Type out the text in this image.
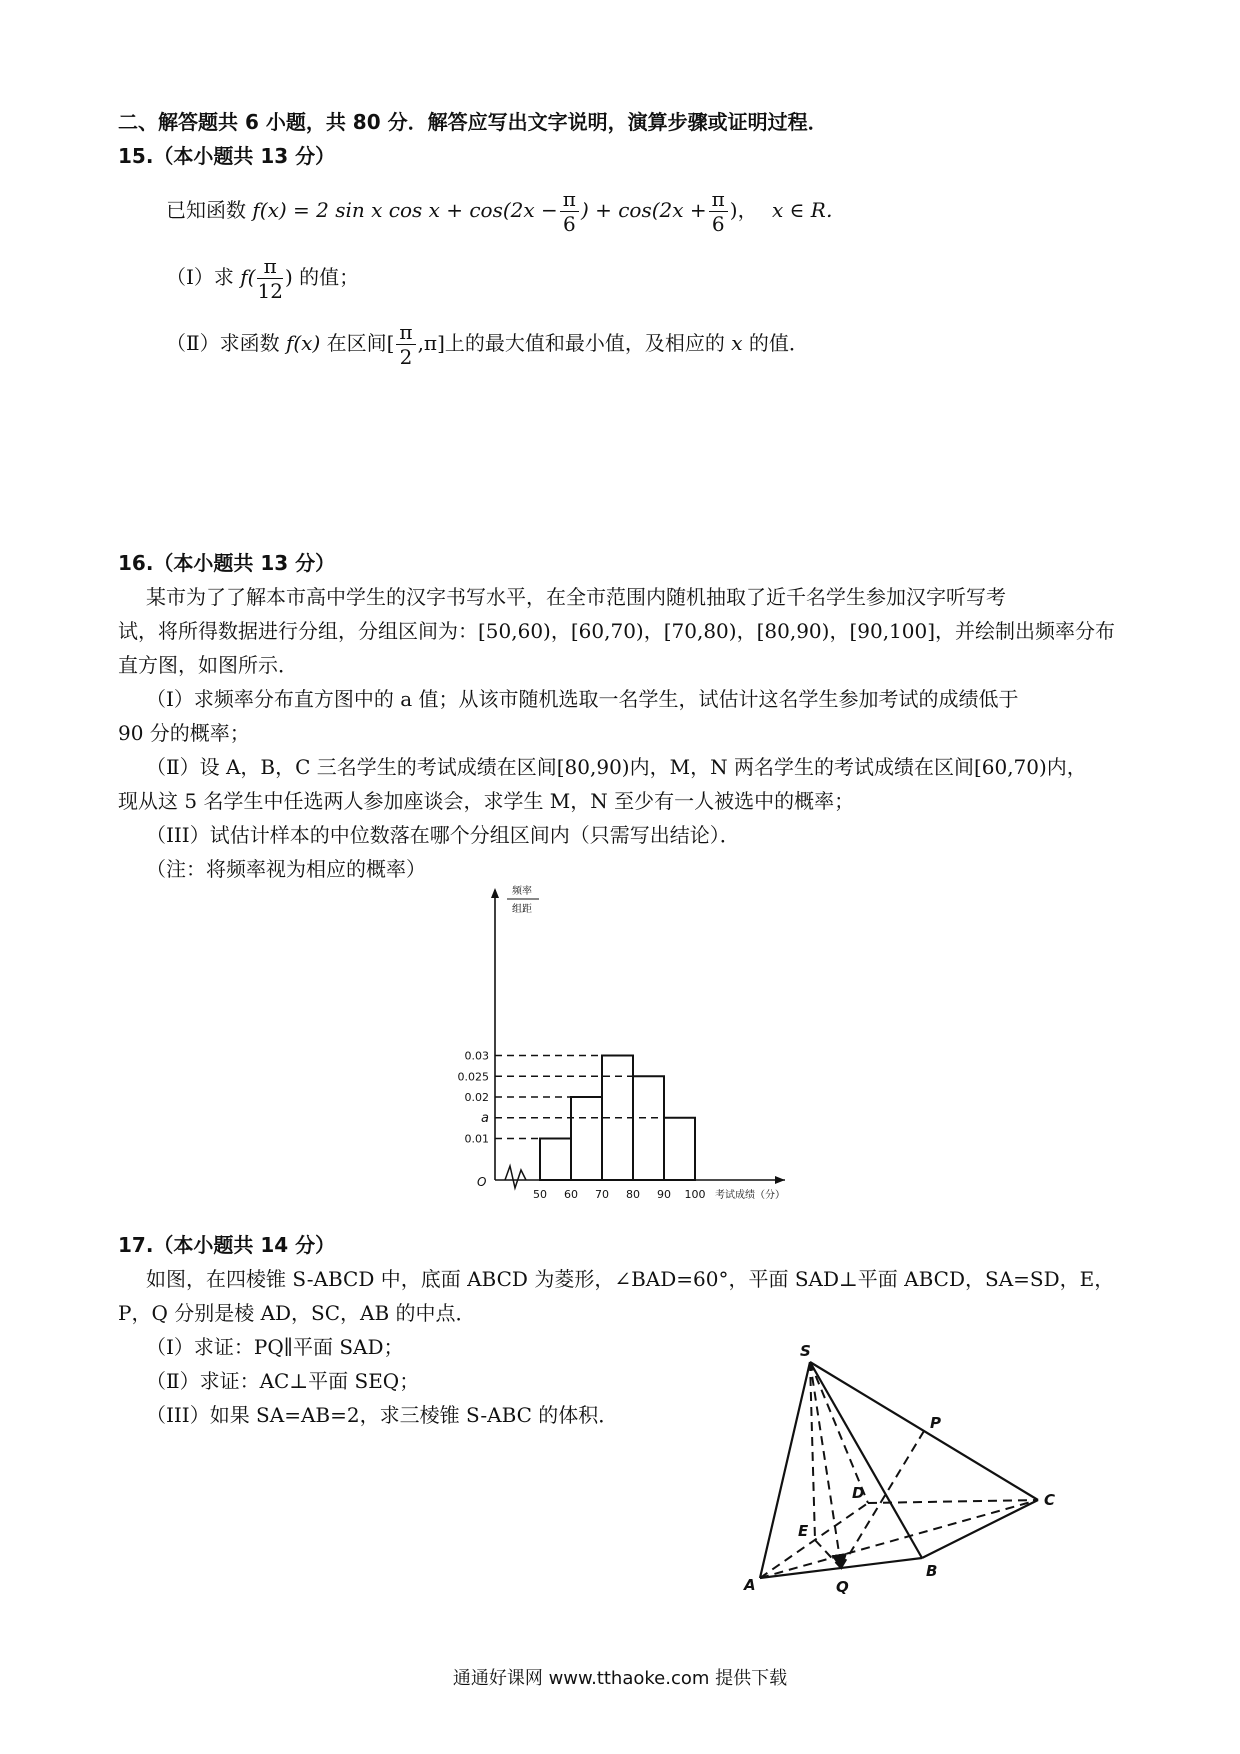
二、解答题共 6 小题，共 80 分．解答应写出文字说明，演算步骤或证明过程．
15.（本小题共 13 分）
已知函数 f(x) = 2 sin x $\cos x + \cos(2x - \frac{\pi}{6}$ ) + $\cos(2x + \frac{\pi}{6}$ )， x ∈ R．
（Ⅰ）求 $f( \frac{\pi}{12}$ ) 的值；
（Ⅱ）求函数 f(x) 在区间[ $\frac{\pi}{2} ,\pi$]上的最大值和最小值，及相应的 x 的值．
16.（本小题共 13 分）
某市为了了解本市高中学生的汉字书写水平，在全市范围内随机抽取了近千名学生参加汉字听写考
试，将所得数据进行分组，分组区间为：[50,60)，[60,70)，[70,80)，[80,90)，[90,100]，并绘制出频率分布
直方图，如图所示．
（Ⅰ）求频率分布直方图中的 a 值；从该市随机选取一名学生，试估计这名学生参加考试的成绩低于
90 分的概率；
（Ⅱ）设 A，B，C 三名学生的考试成绩在区间[80,90)内，M，N 两名学生的考试成绩在区间[60,70)内，
现从这 5 名学生中任选两人参加座谈会，求学生 M，N 至少有一人被选中的概率；
（III）试估计样本的中位数落在哪个分组区间内（只需写出结论）．
（注：将频率视为相应的概率）
0.03
0.025
0.02
a
0.01
50 60 70 80 90 100 考试成绩（分）
O
频率
组距
17.（本小题共 14 分）
如图，在四棱锥 S-ABCD 中，底面 ABCD 为菱形，∠BAD=60°，平面 SAD⊥平面 ABCD，SA=SD，E，
P，Q 分别是棱 AD，SC，AB 的中点．
（Ⅰ）求证：PQ∥平面 SAD；
（Ⅱ）求证：AC⊥平面 SEQ；
（III）如果 SA=AB=2，求三棱锥 S-ABC 的体积．
S
P
D	C
E
A	Q
B
通通好课网 www.tthaoke.com 提供下载
